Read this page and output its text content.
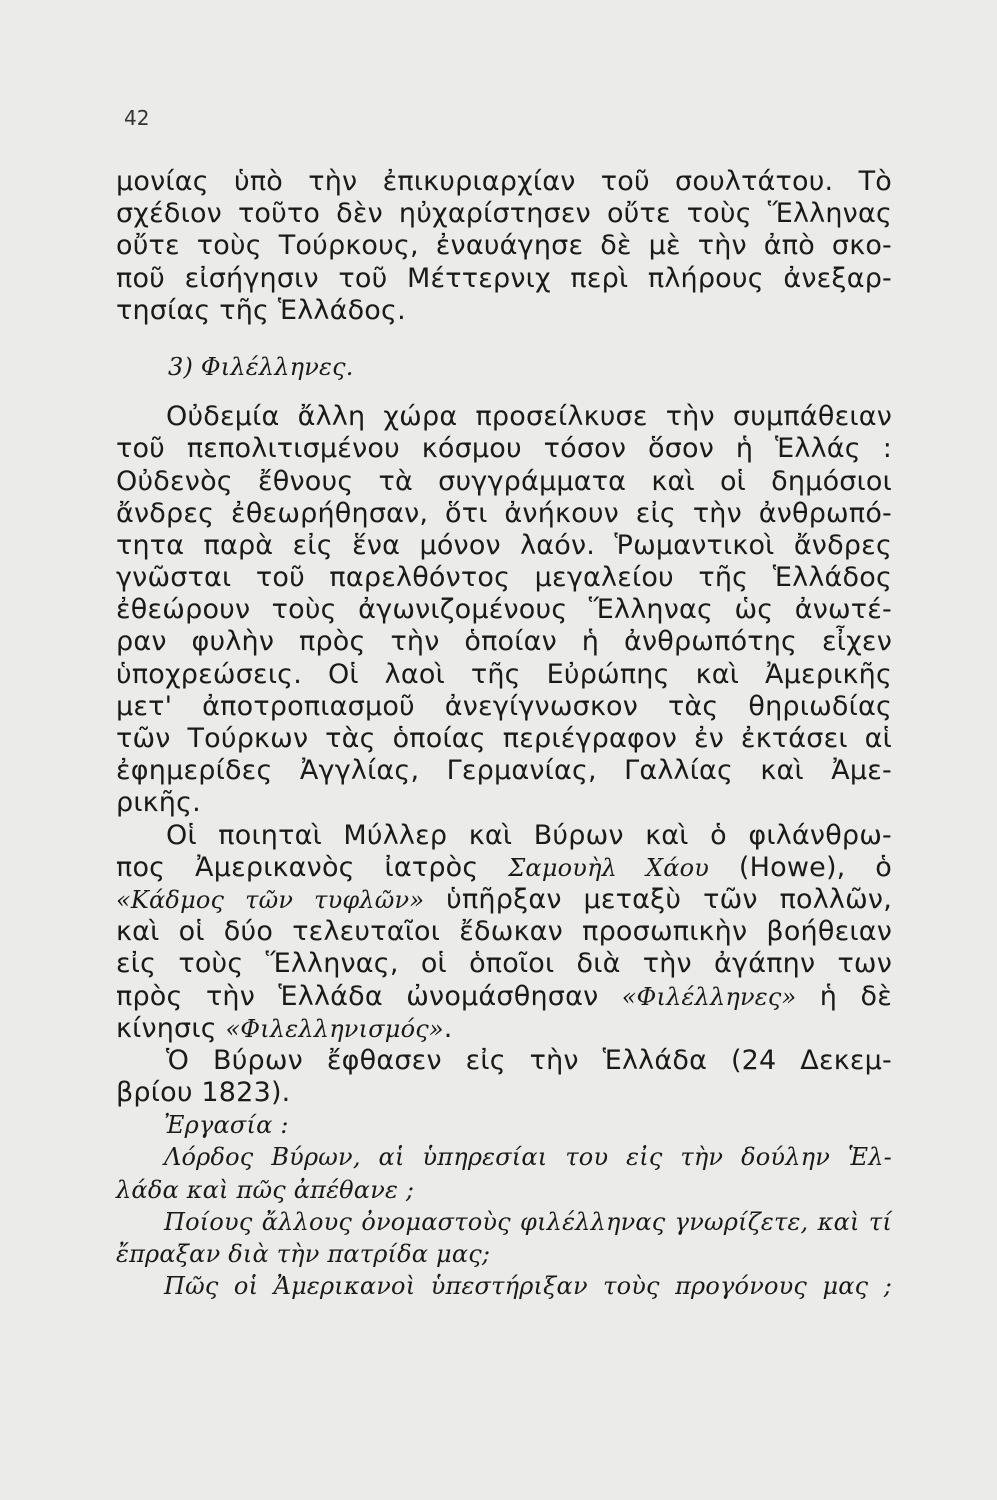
42
μονίας ὑπὸ τὴν ἐπικυριαρχίαν τοῦ σουλτάτου. Τὸ
σχέδιον τοῦτο δὲν ηὐχαρίστησεν οὔτε τοὺς Ἕλληνας
οὔτε τοὺς Τούρκους, ἐναυάγησε δὲ μὲ τὴν ἀπὸ σκο-
ποῦ εἰσήγησιν τοῦ Μέττερνιχ περὶ πλήρους ἀνεξαρ-
τησίας τῆς Ἑλλάδος.
3) Φιλέλληνες.
Οὐδεμία ἄλλη χώρα προσείλκυσε τὴν συμπάθειαν
τοῦ πεπολιτισμένου κόσμου τόσον ὅσον ἡ Ἑλλάς :
Οὐδενὸς ἔθνους τὰ συγγράμματα καὶ οἱ δημόσιοι
ἄνδρες ἐθεωρήθησαν, ὅτι ἀνήκουν εἰς τὴν ἀνθρωπό-
τητα παρὰ εἰς ἕνα μόνον λαόν. Ῥωμαντικοὶ ἄνδρες
γνῶσται τοῦ παρελθόντος μεγαλείου τῆς Ἑλλάδος
ἐθεώρουν τοὺς ἀγωνιζομένους Ἕλληνας ὡς ἀνωτέ-
ραν φυλὴν πρὸς τὴν ὁποίαν ἡ ἀνθρωπότης εἶχεν
ὑποχρεώσεις. Οἱ λαοὶ τῆς Εὐρώπης καὶ Ἀμερικῆς
μετ' ἀποτροπιασμοῦ ἀνεγίγνωσκον τὰς θηριωδίας
τῶν Τούρκων τὰς ὁποίας περιέγραφον ἐν ἐκτάσει αἱ
ἐφημερίδες Ἀγγλίας, Γερμανίας, Γαλλίας καὶ Ἀμε-
ρικῆς.
Οἱ ποιηταὶ Μύλλερ καὶ Βύρων καὶ ὁ φιλάνθρω-
πος Ἀμερικανὸς ἰατρὸς Σαμουὴλ Χάου (Howe), ὁ
«Κάδμος τῶν τυφλῶν» ὑπῆρξαν μεταξὺ τῶν πολλῶν,
καὶ οἱ δύο τελευταῖοι ἔδωκαν προσωπικὴν βοήθειαν
εἰς τοὺς Ἕλληνας, οἱ ὁποῖοι διὰ τὴν ἀγάπην των
πρὸς τὴν Ἑλλάδα ὠνομάσθησαν «Φιλέλληνες» ἡ δὲ
κίνησις «Φιλελληνισμός».
Ὁ Βύρων ἔφθασεν εἰς τὴν Ἑλλάδα (24 Δεκεμ-
βρίου 1823).
Ἐργασία :
Λόρδος Βύρων, αἱ ὑπηρεσίαι του εἰς τὴν δούλην Ἑλ-
λάδα καὶ πῶς ἀπέθανε ;
Ποίους ἄλλους ὀνομαστοὺς φιλέλληνας γνωρίζετε, καὶ τί
ἔπραξαν διὰ τὴν πατρίδα μας;
Πῶς οἱ Ἀμερικανοὶ ὑπεστήριξαν τοὺς προγόνους μας ;
